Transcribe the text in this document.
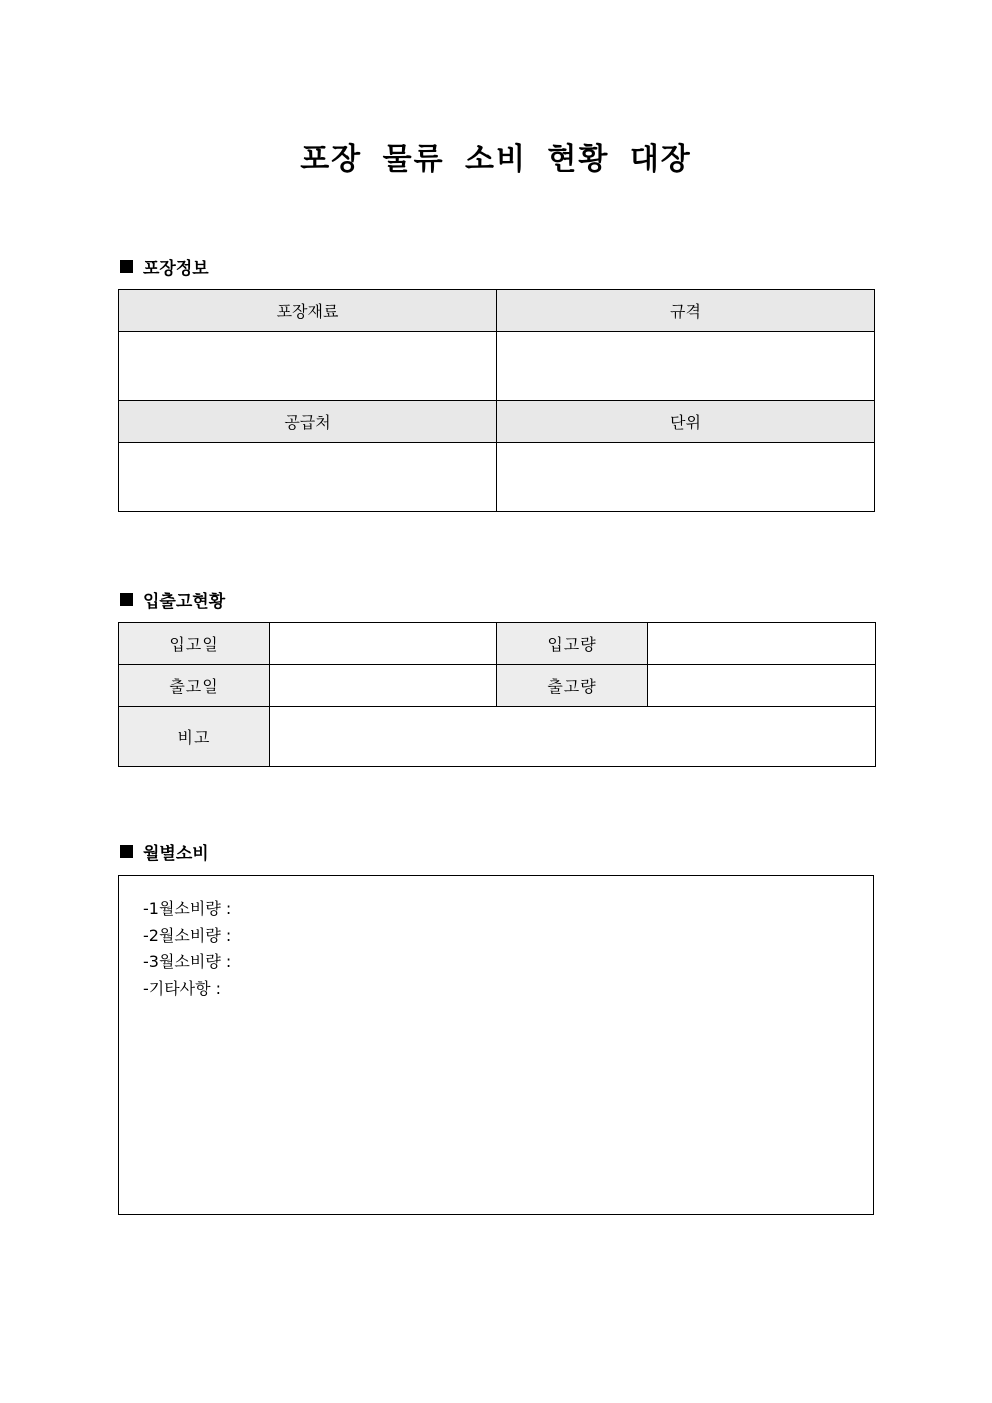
포장 물류 소비 현황 대장
포장정보
포장재료	규격

공급처	단위

입출고현황
입고일		입고량	
출고일		출고량	
비고			
월별소비
-1월소비량 :
-2월소비량 :
-3월소비량 :
-기타사항 :
